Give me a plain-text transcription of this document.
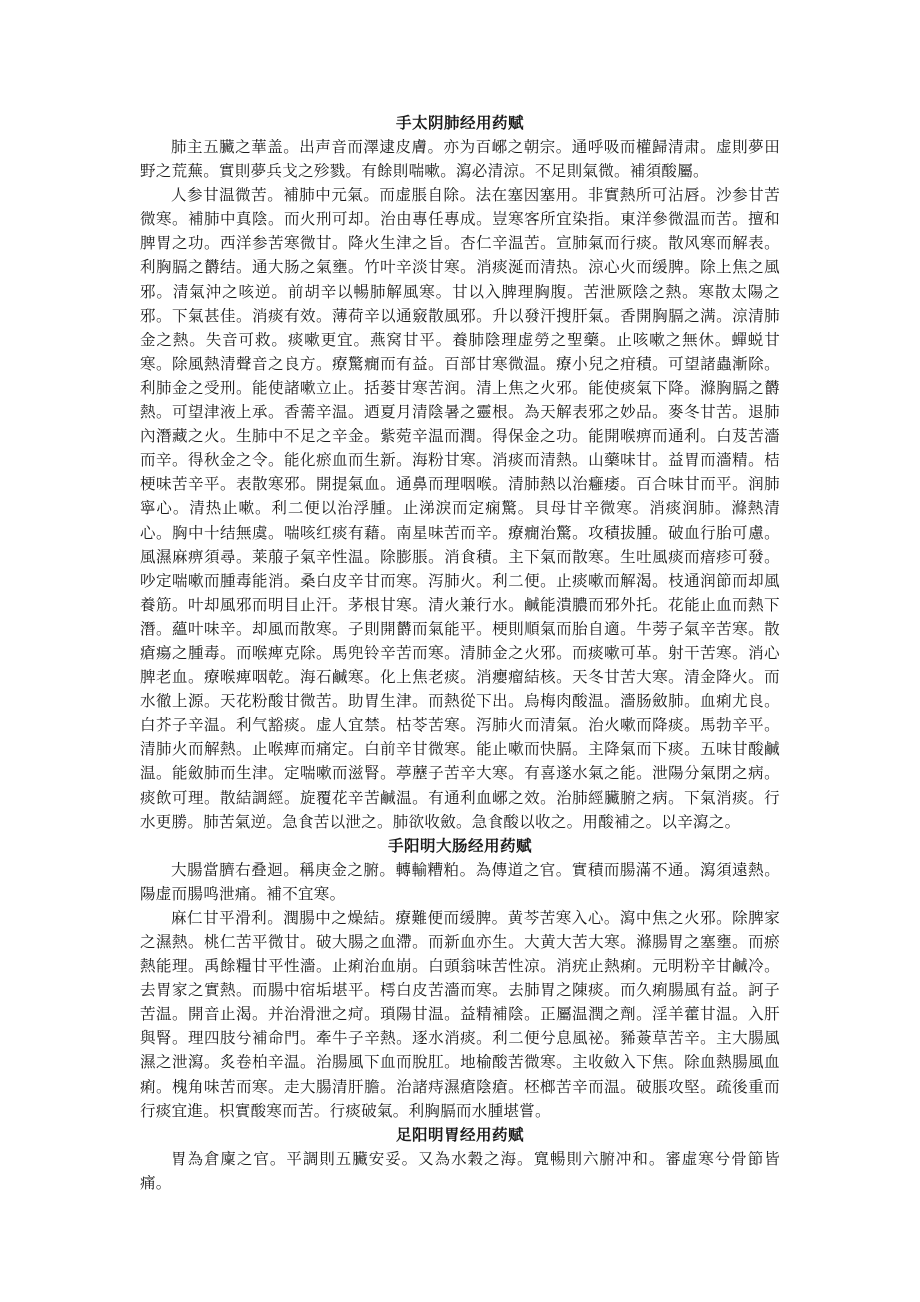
手太阴肺经用药赋

肺主五臟之華盖。出声音而澤逮皮膚。亦为百峫之朝宗。通呼吸而權歸清肃。虚則夢田野之荒蕪。實則夢兵戈之殄戮。有餘則喘嗽。瀉必清涼。不足則氣微。補須酸屬。

人参甘温微苦。補肺中元氣。而虚脹自除。法在塞因塞用。非實熱所可沾唇。沙参甘苦微寒。補肺中真陰。而火刑可却。治由專任專成。豈寒客所宜染指。東洋參微温而苦。擅和脾胃之功。西洋参苦寒微甘。降火生津之旨。杏仁辛温苦。宣肺氣而行痰。散风寒而解表。利胸膈之欝结。通大肠之氣壅。竹叶辛淡甘寒。消痰涎而清热。涼心火而缓脾。除上焦之風邪。清氣沖之咳逆。前胡辛以暢肺解風寒。甘以入脾理胸腹。苦泄厥陰之熱。寒散太陽之邪。下氣甚佳。消痰有效。薄荷辛以通竅散風邪。升以發汗搜肝氣。香開胸膈之满。涼清肺金之熱。失音可救。痰嗽更宜。燕窝甘平。養肺陰理虚勞之聖藥。止咳嗽之無休。蟬蜕甘寒。除風熱清聲音之良方。療驚癇而有益。百部甘寒微温。療小兒之疳積。可望諸蟲漸除。利肺金之受刑。能使諸嗽立止。括蒌甘寒苦润。清上焦之火邪。能使痰氣下降。滌胸膈之欝熱。可望津液上承。香薷辛温。迺夏月清陰暑之靈根。為天解表邪之妙品。麥冬甘苦。退肺內潛藏之火。生肺中不足之辛金。紫菀辛温而潤。得保金之功。能開喉痹而通利。白芨苦濇而辛。得秋金之令。能化瘀血而生新。海粉甘寒。消痰而清熱。山藥味甘。益胃而濇精。桔梗味苦辛平。表散寒邪。開提氣血。通鼻而理咽喉。清肺熱以治癰痿。百合味甘而平。润肺寧心。清热止嗽。利二便以治浮腫。止涕淚而定痫驚。貝母甘辛微寒。消痰润肺。滌熱清心。胸中十结無虞。喘咳红痰有藉。南星味苦而辛。療癇治驚。攻積拔腫。破血行胎可慮。風濕麻痹須尋。莱菔子氣辛性温。除膨脹。消食積。主下氣而散寒。生吐風痰而瘖疹可發。吵定喘嗽而腫毒能消。桑白皮辛甘而寒。泻肺火。利二便。止痰嗽而解渴。枝通润節而却風養筋。叶却風邪而明目止汗。茅根甘寒。清火兼行水。鹹能潰膿而邪外托。花能止血而熱下潛。蘊叶味辛。却風而散寒。子則開欝而氣能平。梗則順氣而胎自適。牛蒡子氣辛苦寒。散瘡瘍之腫毒。而喉痺克除。馬兜铃辛苦而寒。清肺金之火邪。而痰嗽可革。射干苦寒。消心脾老血。療喉痺咽乾。海石鹹寒。化上焦老痰。消癭瘤結核。天冬甘苦大寒。清金降火。而水徹上源。天花粉酸甘微苦。助胃生津。而熱從下出。烏梅肉酸温。濇肠斂肺。血痢尤良。白芥子辛温。利气豁痰。虚人宜禁。枯苓苦寒。泻肺火而清氣。治火嗽而降痰。馬勃辛平。清肺火而解熱。止喉痺而痛定。白前辛甘微寒。能止嗽而快膈。主降氣而下痰。五味甘酸鹹温。能斂肺而生津。定喘嗽而滋腎。葶藶子苦辛大寒。有喜遂水氣之能。泄陽分氣閉之病。痰飲可理。散結調經。旋覆花辛苦鹹温。有通利血峫之效。治肺經臟腑之病。下氣消痰。行水更勝。肺苦氣逆。急食苦以泄之。肺欲收斂。急食酸以收之。用酸補之。以辛瀉之。

手阳明大肠经用药赋

大腸當臍右叠迴。稱庚金之腑。轉輸糟粕。為傳道之官。實積而腸滿不通。瀉須遠熱。陽虚而腸鸣泄痛。補不宜寒。

麻仁甘平滑利。潤腸中之燥結。療難便而缓脾。黄芩苦寒入心。瀉中焦之火邪。除脾家之濕熱。桃仁苦平微甘。破大腸之血滯。而新血亦生。大黄大苦大寒。滌腸胃之塞壅。而瘀熱能理。禹餘糧甘平性濇。止痢治血崩。白頭翁味苦性凉。消疣止熱痢。元明粉辛甘鹹冷。去胃家之實熱。而腸中宿垢堪平。樗白皮苦濇而寒。去肺胃之陳痰。而久痢腸風有益。訶子苦温。開音止渴。并治滑泄之疴。瑣陽甘温。益精補陰。正屬温潤之劑。淫羊藿甘温。入肝與腎。理四肢兮補命門。牽牛子辛熱。逐水消痰。利二便兮息風祕。豨薟草苦辛。主大腸風濕之泄瀉。炙卷柏辛温。治腸風下血而脫肛。地榆酸苦微寒。主收斂入下焦。除血熱腸風血痢。槐角味苦而寒。走大腸清肝膽。治諸痔濕瘡陰瘡。柸榔苦辛而温。破脹攻堅。疏後重而行痰宜進。枳實酸寒而苦。行痰破氣。利胸膈而水腫堪嘗。

足阳明胃经用药赋

胃為倉廩之官。平調則五臟安妥。又為水穀之海。寬暢則六腑冲和。審虛寒兮骨節皆痛。
